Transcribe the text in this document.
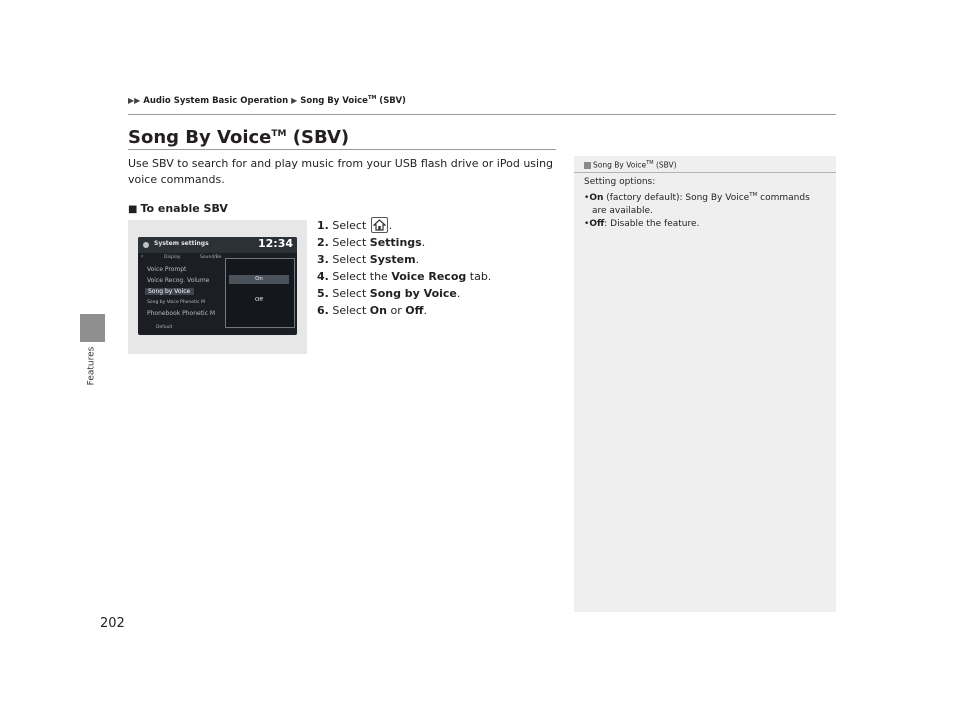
Features
202
▶▶ Audio System Basic Operation ▶ Song By Voice™ (SBV)
Song By Voice™ (SBV)
Use SBV to search for and play music from your USB flash drive or iPod using voice commands.
■ To enable SBV
System settings	12:34
‹	Display	Sound/Be
Voice Prompt
Voice Recog. Volume
Song by Voice
Song by Voice Phonetic M
Phonebook Phonetic M
Default
On
Off
1. Select
.
2. Select Settings.
3. Select System.
4. Select the Voice Recog tab.
5. Select Song by Voice.
6. Select On or Off.
Song By Voice™ (SBV)
Setting options:
•On (factory default): Song By Voice™ commands
are available.
•Off: Disable the feature.
